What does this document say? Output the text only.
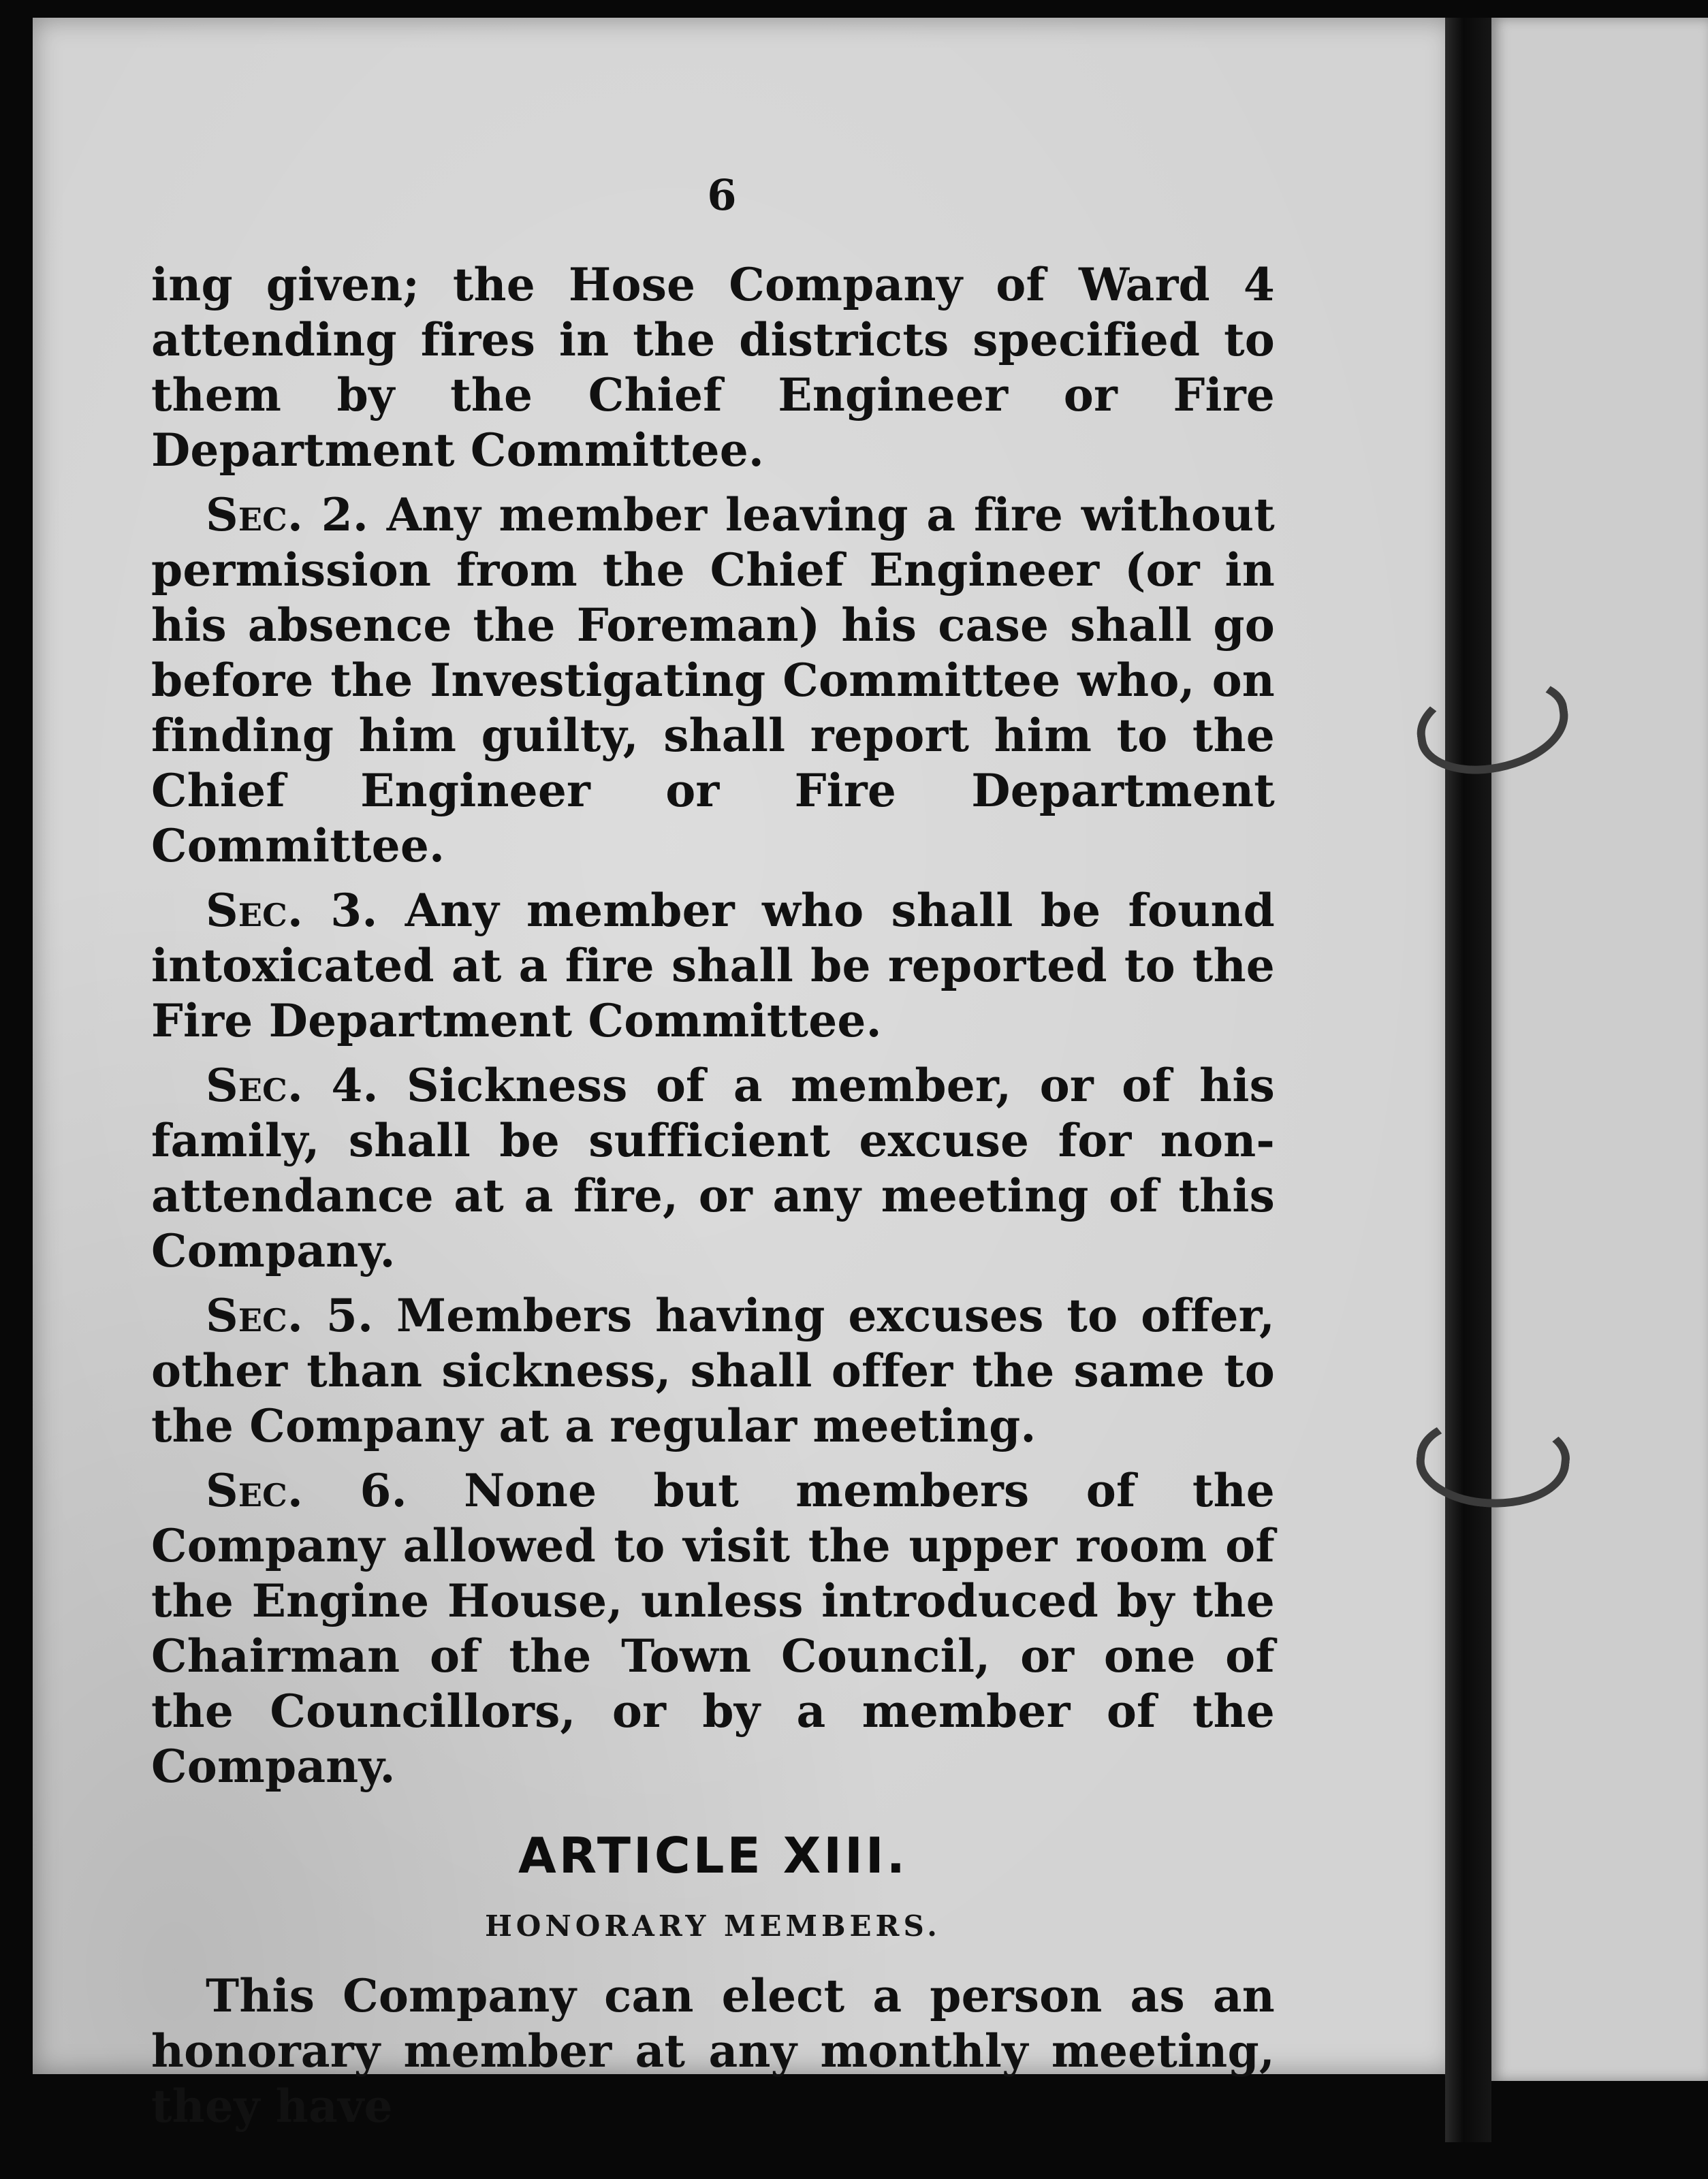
6

ing given; the Hose Company of Ward 4 attending fires in the districts specified to them by the Chief Engineer or Fire Department Committee.

Sec. 2. Any member leaving a fire without permission from the Chief Engineer (or in his absence the Foreman) his case shall go before the Investigating Committee who, on finding him guilty, shall report him to the Chief Engineer or Fire Department Committee.

Sec. 3. Any member who shall be found intoxicated at a fire shall be reported to the Fire Department Committee.

Sec. 4. Sickness of a member, or of his family, shall be sufficient excuse for non-attendance at a fire, or any meeting of this Company.

Sec. 5. Members having excuses to offer, other than sickness, shall offer the same to the Company at a regular meeting.

Sec. 6. None but members of the Company allowed to visit the upper room of the Engine House, unless introduced by the Chairman of the Town Council, or one of the Councillors, or by a member of the Company.

ARTICLE XIII.
HONORARY MEMBERS.

This Company can elect a person as an honorary member at any monthly meeting, they have
